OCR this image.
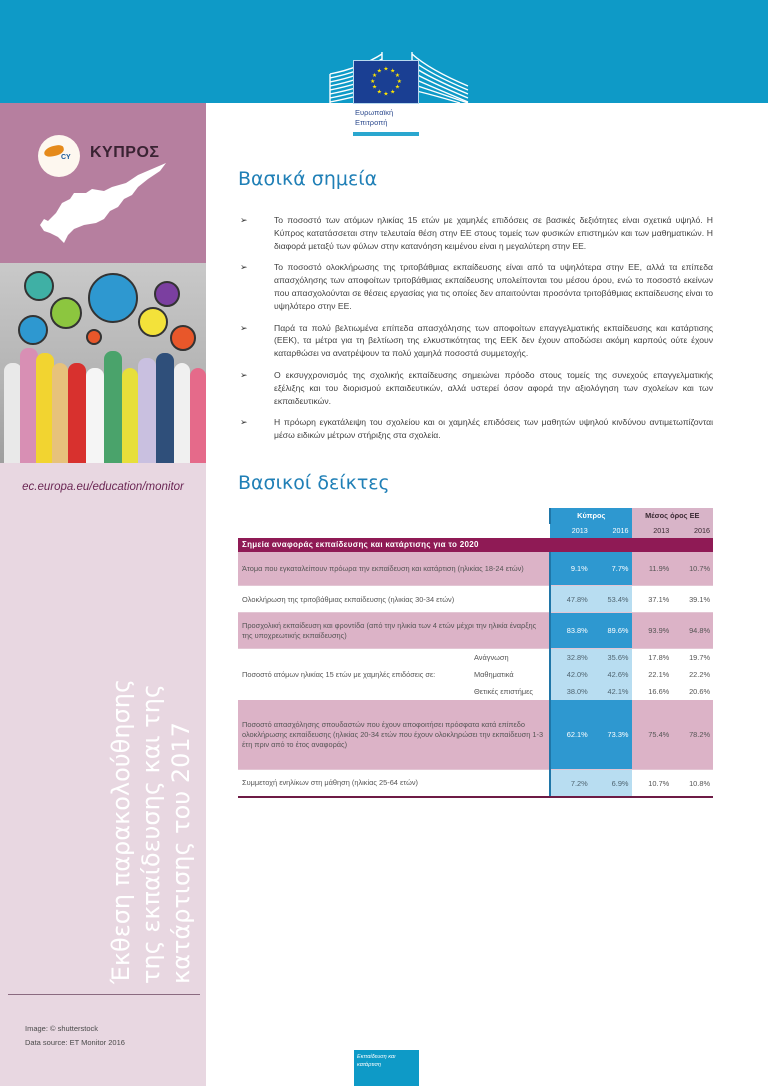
★ ★
★
★
★
★
★
★
★
★
★
★
Ευρωπαϊκή
Επιτροπή
CY ΚΥΠΡΟΣ
ec.europa.eu/education/monitor
Έκθεση παρακολούθησης της εκπαίδευσης και της κατάρτισης του 2017
Image: © shutterstock
Data source: ET Monitor 2016
Βασικά σημεία
➢	Το ποσοστό των ατόμων ηλικίας 15 ετών με χαμηλές επιδόσεις σε βασικές δεξιότητες είναι σχετικά υψηλό. Η Κύπρος κατατάσσεται στην τελευταία θέση στην ΕΕ στους τομείς των φυσικών επιστημών και των μαθηματικών. Η διαφορά μεταξύ των φύλων στην κατανόηση κειμένου είναι η μεγαλύτερη στην ΕΕ.
➢	Το ποσοστό ολοκλήρωσης της τριτοβάθμιας εκπαίδευσης είναι από τα υψηλότερα στην ΕΕ, αλλά τα επίπεδα απασχόλησης των αποφοίτων τριτοβάθμιας εκπαίδευσης υπολείπονται του μέσου όρου, ενώ το ποσοστό εκείνων που απασχολούνται σε θέσεις εργασίας για τις οποίες δεν απαιτούνται προσόντα τριτοβάθμιας εκπαίδευσης είναι το υψηλότερο στην ΕΕ.
➢	Παρά τα πολύ βελτιωμένα επίπεδα απασχόλησης των αποφοίτων επαγγελματικής εκπαίδευσης και κατάρτισης (ΕΕΚ), τα μέτρα για τη βελτίωση της ελκυστικότητας της ΕΕΚ δεν έχουν αποδώσει ακόμη καρπούς ούτε έχουν καταρθώσει να ανατρέψουν τα πολύ χαμηλά ποσοστά συμμετοχής.
➢	Ο εκσυγχρονισμός της σχολικής εκπαίδευσης σημειώνει πρόοδο στους τομείς της συνεχούς επαγγελματικής εξέλιξης και του διορισμού εκπαιδευτικών, αλλά υστερεί όσον αφορά την αξιολόγηση των σχολείων και των εκπαιδευτικών.
➢	Η πρόωρη εγκατάλειψη του σχολείου και οι χαμηλές επιδόσεις των μαθητών υψηλού κινδύνου αντιμετωπίζονται μέσω ειδικών μέτρων στήριξης στα σχολεία.
Βασικοί δείκτες
		Κύπρος		Μέσος όρος ΕΕ	
		2013	2016	2013	2016
Σημεία αναφοράς εκπαίδευσης και κατάρτισης για το 2020					
Άτομα που εγκαταλείπουν πρόωρα την εκπαίδευση και κατάρτιση (ηλικίας 18-24 ετών)		9.1%	7.7%	11.9%	10.7%
Ολοκλήρωση της τριτοβάθμιας εκπαίδευσης (ηλικίας 30-34 ετών)		47.8%	53.4%	37.1%	39.1%
Προσχολική εκπαίδευση και φροντίδα (από την ηλικία των 4 ετών μέχρι την ηλικία έναρξης της υποχρεωτικής εκπαίδευσης)		83.8%	89.6%	93.9%	94.8%
Ποσοστό ατόμων ηλικίας 15 ετών με χαμηλές επιδόσεις σε:	Ανάγνωση	32.8%	35.6%	17.8%	19.7%
	Μαθηματικά	42.0%	42.6%	22.1%	22.2%
	Θετικές επιστήμες	38.0%	42.1%	16.6%	20.6%
Ποσοστό απασχόλησης σπουδαστών που έχουν αποφοιτήσει πρόσφατα κατά επίπεδο ολοκλήρωσης εκπαίδευσης (ηλικίας 20-34 ετών που έχουν ολοκληρώσει την εκπαίδευση 1-3 έτη πριν από το έτος αναφοράς)		62.1%	73.3%	75.4%	78.2%
Συμμετοχή ενηλίκων στη μάθηση (ηλικίας 25-64 ετών)		7.2%	6.9%	10.7%	10.8%
Εκπαίδευση και
κατάρτιση
